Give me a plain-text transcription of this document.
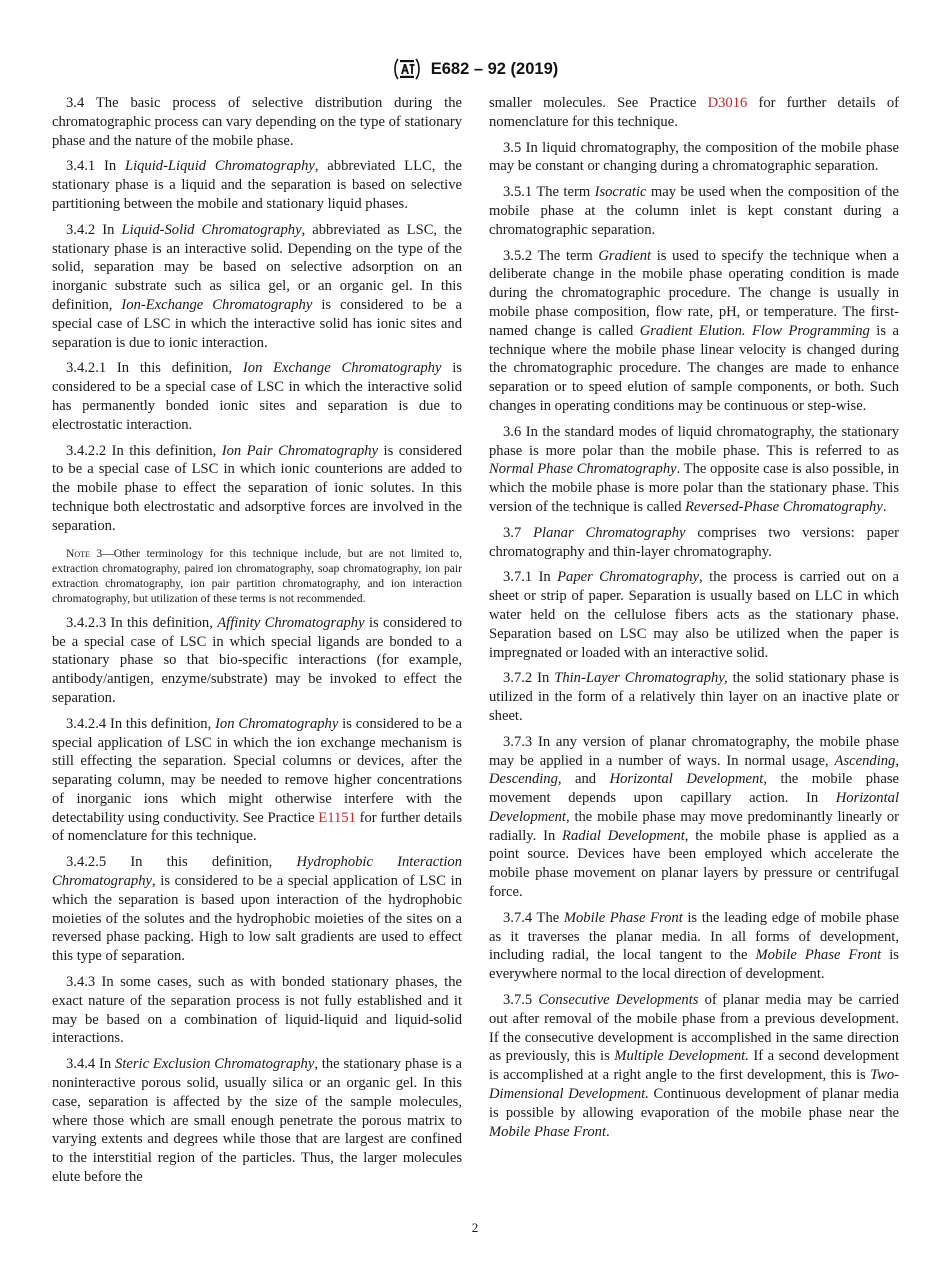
E682 – 92 (2019)

3.4 The basic process of selective distribution during the chromatographic process can vary depending on the type of stationary phase and the nature of the mobile phase.

3.4.1 In Liquid-Liquid Chromatography, abbreviated LLC, the stationary phase is a liquid and the separation is based on selective partitioning between the mobile and stationary liquid phases.

3.4.2 In Liquid-Solid Chromatography, abbreviated as LSC, the stationary phase is an interactive solid. Depending on the type of the solid, separation may be based on selective adsorption on an inorganic substrate such as silica gel, or an organic gel. In this definition, Ion-Exchange Chromatography is considered to be a special case of LSC in which the interactive solid has ionic sites and separation is due to ionic interaction.

3.4.2.1 In this definition, Ion Exchange Chromatography is considered to be a special case of LSC in which the interactive solid has permanently bonded ionic sites and separation is due to electrostatic interaction.

3.4.2.2 In this definition, Ion Pair Chromatography is considered to be a special case of LSC in which ionic counterions are added to the mobile phase to effect the separation of ionic solutes. In this technique both electrostatic and adsorptive forces are involved in the separation.

Note 3—Other terminology for this technique include, but are not limited to, extraction chromatography, paired ion chromatography, soap chromatography, ion pair extraction chromatography, ion pair partition chromatography, and ion interaction chromatography, but utilization of these terms is not recommended.

3.4.2.3 In this definition, Affinity Chromatography is considered to be a special case of LSC in which special ligands are bonded to a stationary phase so that bio-specific interactions (for example, antibody/antigen, enzyme/substrate) may be invoked to effect the separation.

3.4.2.4 In this definition, Ion Chromatography is considered to be a special application of LSC in which the ion exchange mechanism is still effecting the separation. Special columns or devices, after the separating column, may be needed to remove higher concentrations of inorganic ions which might otherwise interfere with the detectability using conductivity. See Practice E1151 for further details of nomenclature for this technique.

3.4.2.5 In this definition, Hydrophobic Interaction Chromatography, is considered to be a special application of LSC in which the separation is based upon interaction of the hydrophobic moieties of the solutes and the hydrophobic moieties of the sites on a reversed phase packing. High to low salt gradients are used to effect this type of separation.

3.4.3 In some cases, such as with bonded stationary phases, the exact nature of the separation process is not fully established and it may be based on a combination of liquid-liquid and liquid-solid interactions.

3.4.4 In Steric Exclusion Chromatography, the stationary phase is a noninteractive porous solid, usually silica or an organic gel. In this case, separation is affected by the size of the sample molecules, where those which are small enough penetrate the porous matrix to varying extents and degrees while those that are largest are confined to the interstitial region of the particles. Thus, the larger molecules elute before the

smaller molecules. See Practice D3016 for further details of nomenclature for this technique.

3.5 In liquid chromatography, the composition of the mobile phase may be constant or changing during a chromatographic separation.

3.5.1 The term Isocratic may be used when the composition of the mobile phase at the column inlet is kept constant during a chromatographic separation.

3.5.2 The term Gradient is used to specify the technique when a deliberate change in the mobile phase operating condition is made during the chromatographic procedure. The change is usually in mobile phase composition, flow rate, pH, or temperature. The first-named change is called Gradient Elution. Flow Programming is a technique where the mobile phase linear velocity is changed during the chromatographic procedure. The changes are made to enhance separation or to speed elution of sample components, or both. Such changes in operating conditions may be continuous or step-wise.

3.6 In the standard modes of liquid chromatography, the stationary phase is more polar than the mobile phase. This is referred to as Normal Phase Chromatography. The opposite case is also possible, in which the mobile phase is more polar than the stationary phase. This version of the technique is called Reversed-Phase Chromatography.

3.7 Planar Chromatography comprises two versions: paper chromatography and thin-layer chromatography.

3.7.1 In Paper Chromatography, the process is carried out on a sheet or strip of paper. Separation is usually based on LLC in which water held on the cellulose fibers acts as the stationary phase. Separation based on LSC may also be utilized when the paper is impregnated or loaded with an interactive solid.

3.7.2 In Thin-Layer Chromatography, the solid stationary phase is utilized in the form of a relatively thin layer on an inactive plate or sheet.

3.7.3 In any version of planar chromatography, the mobile phase may be applied in a number of ways. In normal usage, Ascending, Descending, and Horizontal Development, the mobile phase movement depends upon capillary action. In Horizontal Development, the mobile phase may move predominantly linearly or radially. In Radial Development, the mobile phase is applied as a point source. Devices have been employed which accelerate the mobile phase movement on planar layers by pressure or centrifugal force.

3.7.4 The Mobile Phase Front is the leading edge of mobile phase as it traverses the planar media. In all forms of development, including radial, the local tangent to the Mobile Phase Front is everywhere normal to the local direction of development.

3.7.5 Consecutive Developments of planar media may be carried out after removal of the mobile phase from a previous development. If the consecutive development is accomplished in the same direction as previously, this is Multiple Development. If a second development is accomplished at a right angle to the first development, this is Two-Dimensional Development. Continuous development of planar media is possible by allowing evaporation of the mobile phase near the Mobile Phase Front.

2
